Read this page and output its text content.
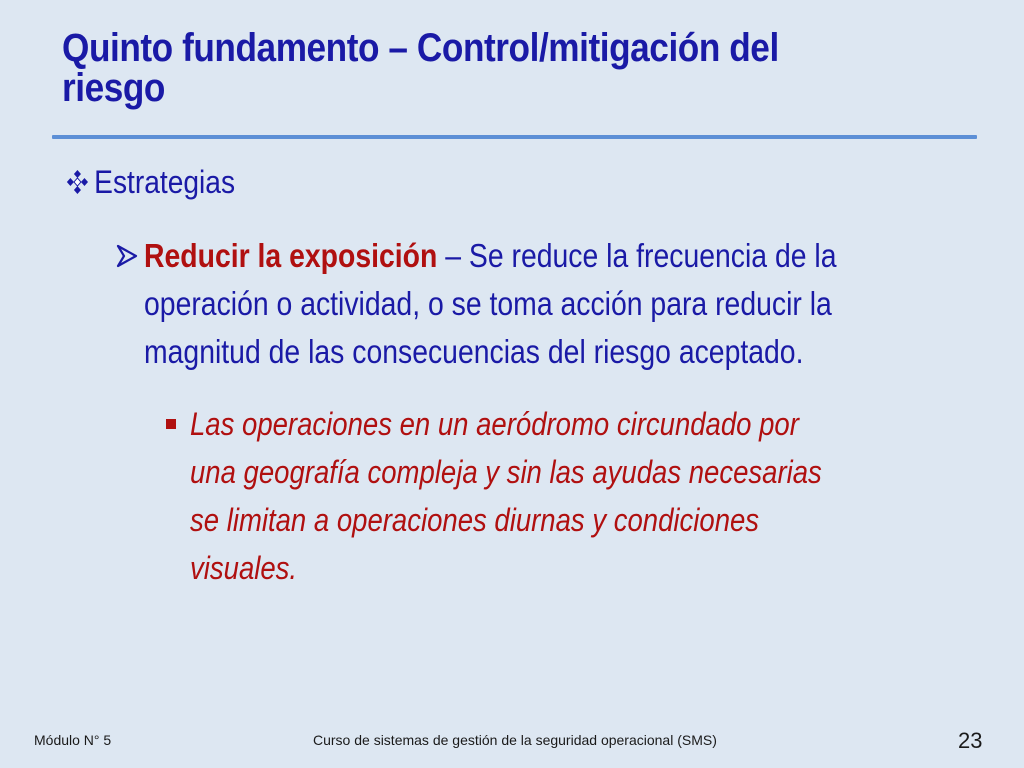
Quinto fundamento – Control/mitigación del
riesgo
Estrategias
Reducir la exposición – Se reduce la frecuencia de la
operación o actividad, o se toma acción para reducir la
magnitud de las consecuencias del riesgo aceptado.
Las operaciones en un aeródromo circundado por
una geografía compleja y sin las ayudas necesarias
se limitan a operaciones diurnas y condiciones
visuales.
Módulo N° 5	Curso de sistemas de gestión de la seguridad operacional (SMS)	23
